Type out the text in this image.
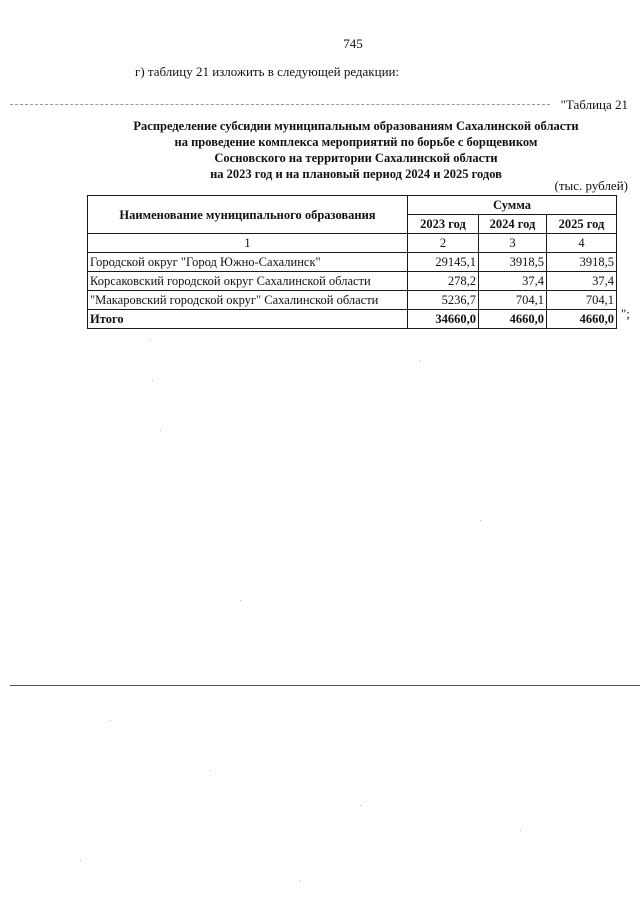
745
г) таблицу 21 изложить в следующей редакции:
"Таблица 21
Распределение субсидии муниципальным образованиям Сахалинской области
на проведение комплекса мероприятий по борьбе с борщевиком
Сосновского на территории Сахалинской области
на 2023 год и на плановый период 2024 и 2025 годов
(тыс. рублей)
Наименование муниципального образования	Сумма		
	2023 год	2024 год	2025 год
1	2	3	4
Городской округ "Город Южно-Сахалинск"	29145,1	3918,5	3918,5
Корсаковский городской округ Сахалинской области	278,2	37,4	37,4
"Макаровский городской округ" Сахалинской области	5236,7	704,1	704,1
Итого	34660,0	4660,0	4660,0 ";
